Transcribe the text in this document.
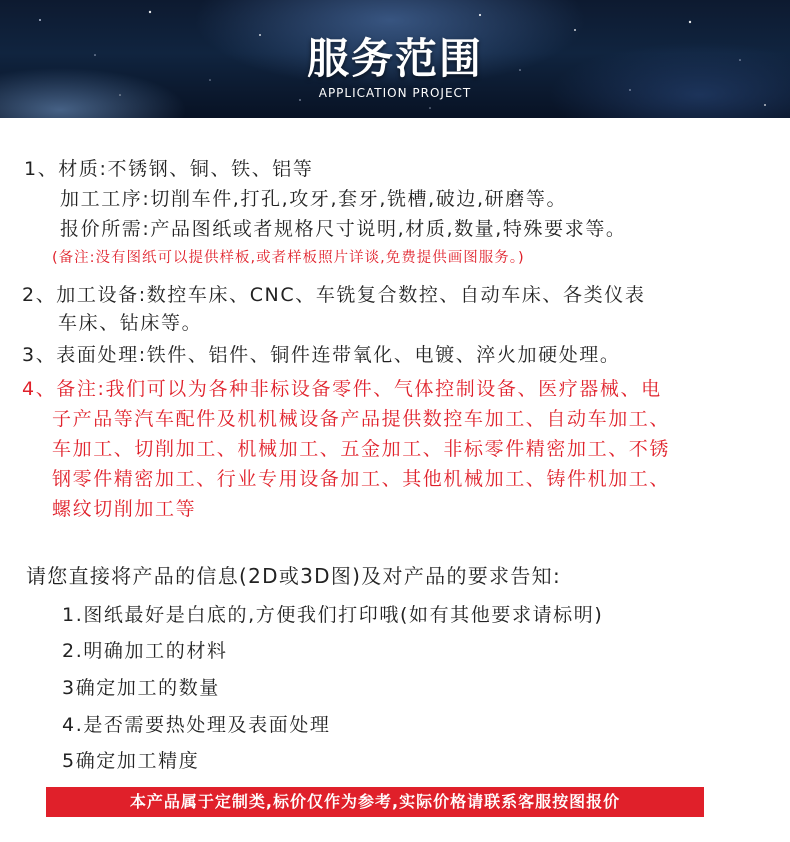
服务范围
APPLICATION PROJECT
1、材质:不锈钢、铜、铁、铝等
加工工序:切削车件,打孔,攻牙,套牙,铣槽,破边,研磨等。
报价所需:产品图纸或者规格尺寸说明,材质,数量,特殊要求等。
(备注:没有图纸可以提供样板,或者样板照片详谈,免费提供画图服务。)
2、加工设备:数控车床、CNC、车铣复合数控、自动车床、各类仪表
车床、钻床等。
3、表面处理:铁件、铝件、铜件连带氧化、电镀、淬火加硬处理。
4、备注:我们可以为各种非标设备零件、气体控制设备、医疗器械、电
子产品等汽车配件及机机械设备产品提供数控车加工、自动车加工、
车加工、切削加工、机械加工、五金加工、非标零件精密加工、不锈
钢零件精密加工、行业专用设备加工、其他机械加工、铸件机加工、
螺纹切削加工等
请您直接将产品的信息(2D或3D图)及对产品的要求告知:
1.图纸最好是白底的,方便我们打印哦(如有其他要求请标明)
2.明确加工的材料
3确定加工的数量
4.是否需要热处理及表面处理
5确定加工精度
本产品属于定制类,标价仅作为参考,实际价格请联系客服按图报价
